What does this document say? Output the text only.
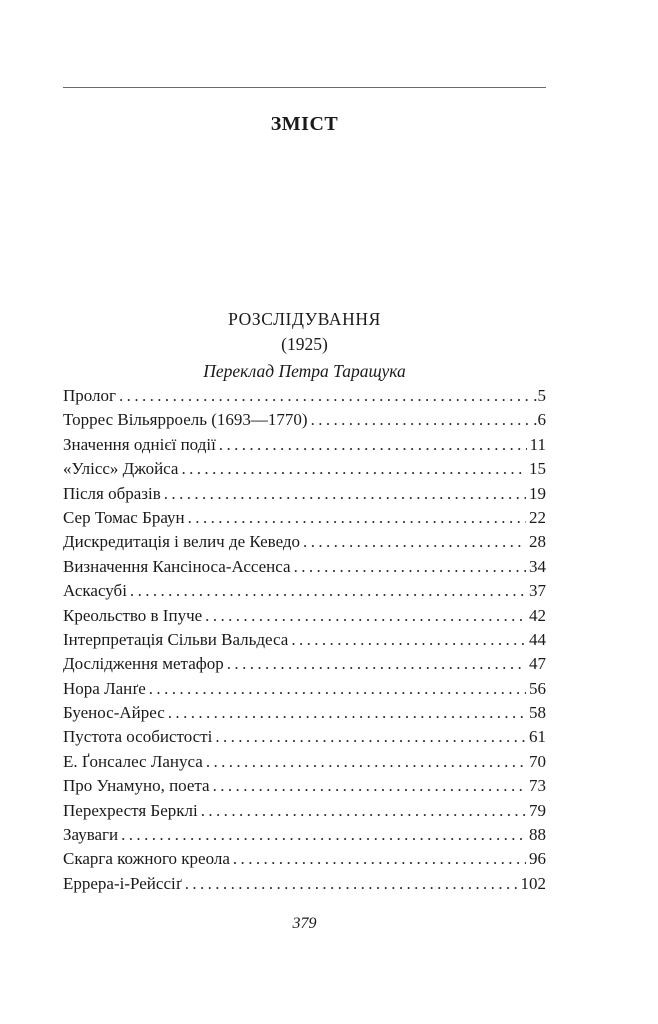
ЗМІСТ
РОЗСЛІДУВАННЯ
(1925)
Переклад Петра Таращука
Пролог .....	.5
Торрес Вільярроель (1693—1770) .....	.6
Значення однієї події .....	11
«Улісс» Джойса .....	15
Після образів .....	19
Сер Томас Браун .....	22
Дискредитація і велич де Кеведо .....	28
Визначення Кансіноса-Ассенса .....	34
Аскасубі .....	37
Креольство в Іпуче .....	42
Інтерпретація Сільви Вальдеса .....	44
Дослідження метафор .....	47
Нора Ланґе .....	56
Буенос-Айрес .....	58
Пустота особистості .....	61
Е. Ґонсалес Лануса .....	70
Про Унамуно, поета .....	73
Перехрестя Берклі .....	79
Зауваги .....	88
Скарга кожного креола .....	96
Еррера-і-Рейссіґ .....	102
379
